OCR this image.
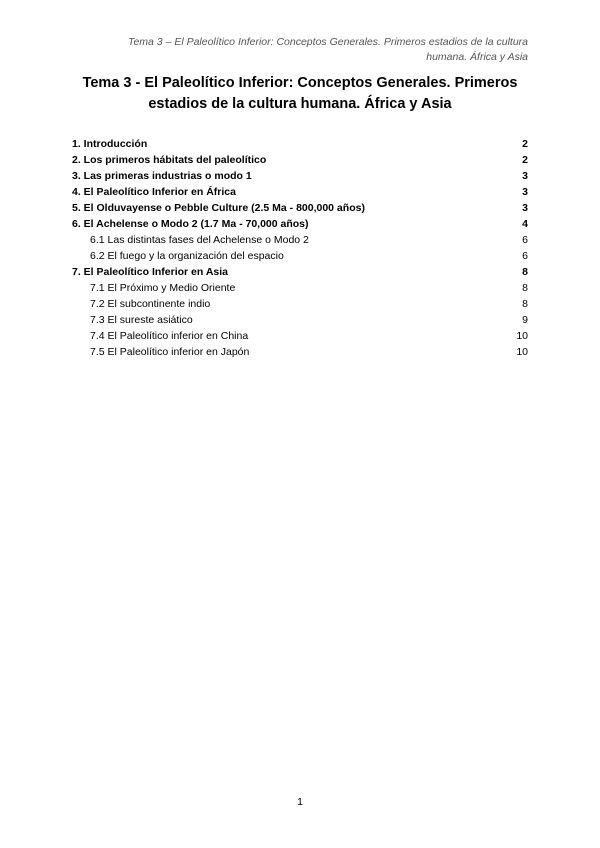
Tema 3 – El Paleolítico Inferior: Conceptos Generales. Primeros estadios de la cultura humana. África y Asia
Tema 3 - El Paleolítico Inferior: Conceptos Generales. Primeros estadios de la cultura humana. África y Asia
1. Introducción	2
2. Los primeros hábitats del paleolítico	2
3. Las primeras industrias o modo 1	3
4. El Paleolítico Inferior en África	3
5. El Olduvayense o Pebble Culture (2.5 Ma - 800,000 años)	3
6. El Achelense o Modo 2 (1.7 Ma - 70,000 años)	4
6.1 Las distintas fases del Achelense o Modo 2	6
6.2 El fuego y la organización del espacio	6
7. El Paleolítico Inferior en Asia	8
7.1 El Próximo y Medio Oriente	8
7.2 El subcontinente indio	8
7.3 El sureste asiático	9
7.4 El Paleolítico inferior en China	10
7.5 El Paleolítico inferior en Japón	10
1
